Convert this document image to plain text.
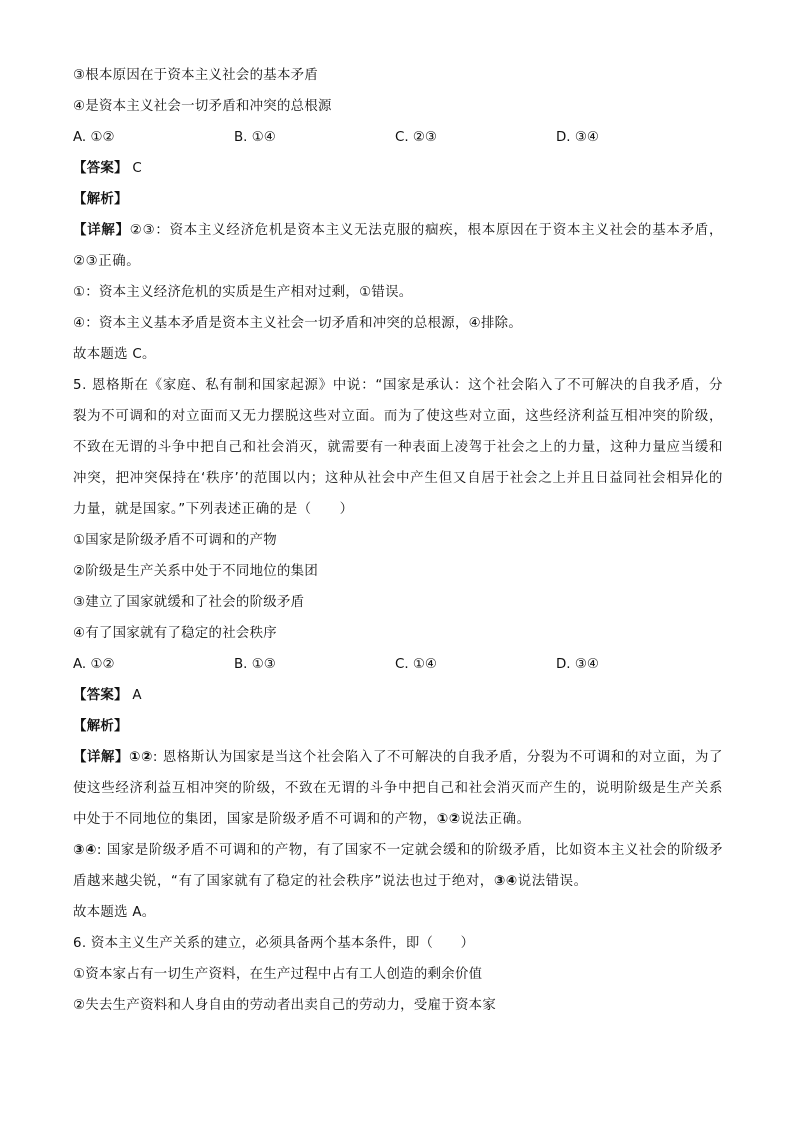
③根本原因在于资本主义社会的基本矛盾
④是资本主义社会一切矛盾和冲突的总根源
A. ①②	B. ①④	C. ②③	D. ③④
【答案】 C
【解析】
【详解】②③：资本主义经济危机是资本主义无法克服的痼疾，根本原因在于资本主义社会的基本矛盾，②③正确。
①：资本主义经济危机的实质是生产相对过剩，①错误。
④：资本主义基本矛盾是资本主义社会一切矛盾和冲突的总根源，④排除。
故本题选 C。
5. 恩格斯在《家庭、私有制和国家起源》中说：“国家是承认：这个社会陷入了不可解决的自我矛盾，分裂为不可调和的对立面而又无力摆脱这些对立面。而为了使这些对立面，这些经济利益互相冲突的阶级，不致在无谓的斗争中把自己和社会消灭，就需要有一种表面上凌驾于社会之上的力量，这种力量应当缓和冲突，把冲突保持在‘秩序’的范围以内；这种从社会中产生但又自居于社会之上并且日益同社会相异化的力量，就是国家。”下列表述正确的是（　　）
①国家是阶级矛盾不可调和的产物
②阶级是生产关系中处于不同地位的集团
③建立了国家就缓和了社会的阶级矛盾
④有了国家就有了稳定的社会秩序
A. ①②	B. ①③	C. ①④	D. ③④
【答案】 A
【解析】
【详解】①②: 恩格斯认为国家是当这个社会陷入了不可解决的自我矛盾，分裂为不可调和的对立面，为了使这些经济利益互相冲突的阶级，不致在无谓的斗争中把自己和社会消灭而产生的，说明阶级是生产关系中处于不同地位的集团，国家是阶级矛盾不可调和的产物，①②说法正确。
③④: 国家是阶级矛盾不可调和的产物，有了国家不一定就会缓和的阶级矛盾，比如资本主义社会的阶级矛盾越来越尖锐，“有了国家就有了稳定的社会秩序”说法也过于绝对，③④说法错误。
故本题选 A。
6. 资本主义生产关系的建立，必须具备两个基本条件，即（　　）
①资本家占有一切生产资料，在生产过程中占有工人创造的剩余价值
②失去生产资料和人身自由的劳动者出卖自己的劳动力，受雇于资本家
